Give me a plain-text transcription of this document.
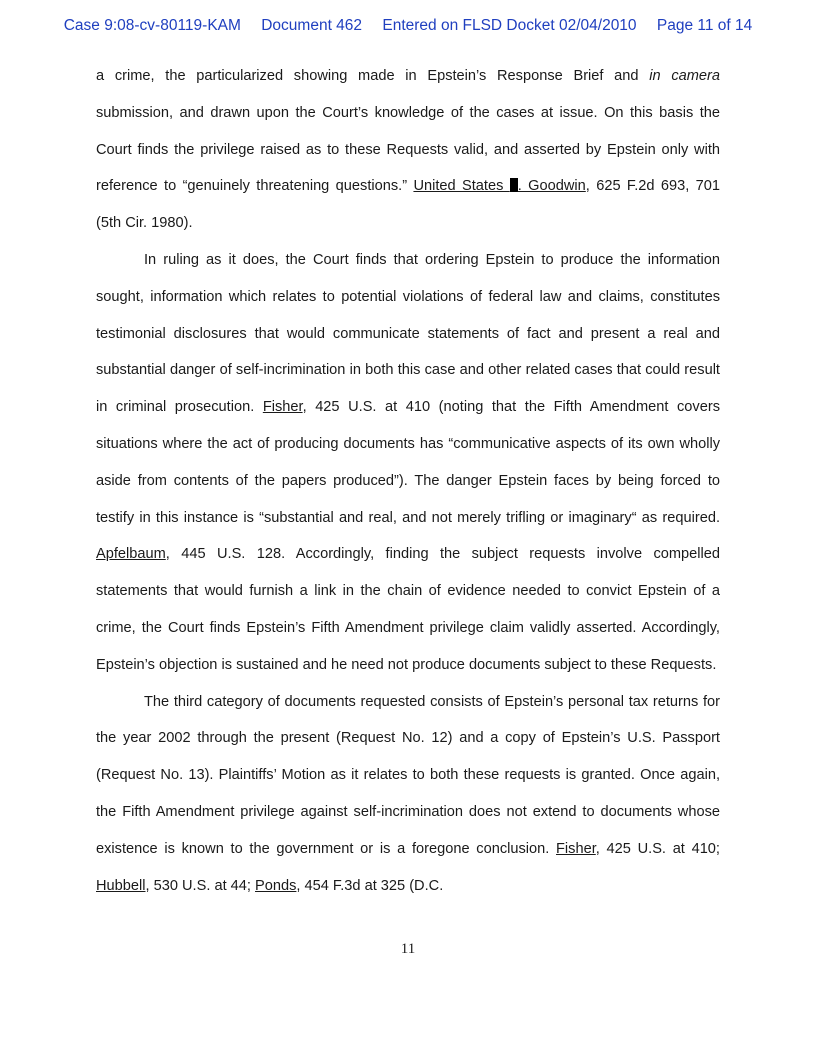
Case 9:08-cv-80119-KAM Document 462 Entered on FLSD Docket 02/04/2010 Page 11 of 14

a crime, the particularized showing made in Epstein’s Response Brief and in camera submission, and drawn upon the Court’s knowledge of the cases at issue. On this basis the Court finds the privilege raised as to these Requests valid, and asserted by Epstein only with reference to “genuinely threatening questions.” United States . Goodwin, 625 F.2d 693, 701 (5th Cir. 1980).

In ruling as it does, the Court finds that ordering Epstein to produce the information sought, information which relates to potential violations of federal law and claims, constitutes testimonial disclosures that would communicate statements of fact and present a real and substantial danger of self-incrimination in both this case and other related cases that could result in criminal prosecution. Fisher, 425 U.S. at 410 (noting that the Fifth Amendment covers situations where the act of producing documents has “communicative aspects of its own wholly aside from contents of the papers produced”). The danger Epstein faces by being forced to testify in this instance is “substantial and real, and not merely trifling or imaginary“ as required. Apfelbaum, 445 U.S. 128. Accordingly, finding the subject requests involve compelled statements that would furnish a link in the chain of evidence needed to convict Epstein of a crime, the Court finds Epstein’s Fifth Amendment privilege claim validly asserted. Accordingly, Epstein’s objection is sustained and he need not produce documents subject to these Requests.

The third category of documents requested consists of Epstein’s personal tax returns for the year 2002 through the present (Request No. 12) and a copy of Epstein’s U.S. Passport (Request No. 13). Plaintiffs’ Motion as it relates to both these requests is granted. Once again, the Fifth Amendment privilege against self-incrimination does not extend to documents whose existence is known to the government or is a foregone conclusion. Fisher, 425 U.S. at 410; Hubbell, 530 U.S. at 44; Ponds, 454 F.3d at 325 (D.C.

11
